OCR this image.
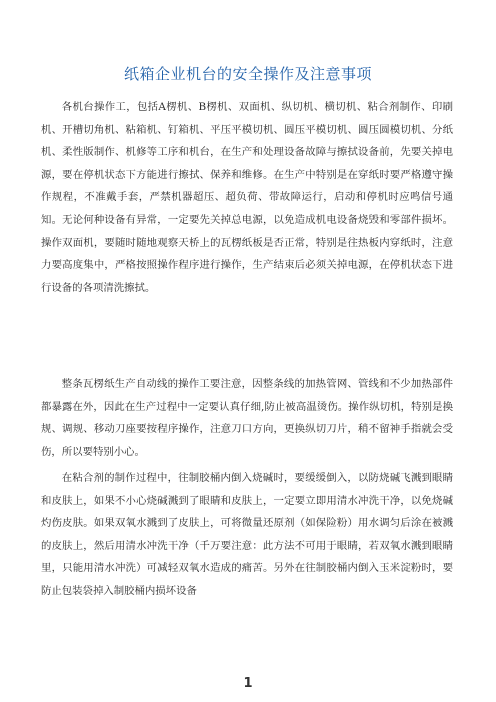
纸箱企业机台的安全操作及注意事项

各机台操作工，包括A楞机、B楞机、双面机、纵切机、横切机、粘合剂制作、印刷机、开槽切角机、粘箱机、钉箱机、平压平模切机、圆压平模切机、圆压圆模切机、分纸机、柔性版制作、机修等工序和机台，在生产和处理设备故障与擦拭设备前，先要关掉电源，要在停机状态下方能进行擦拭、保养和维修。在生产中特别是在穿纸时要严格遵守操作规程，不准戴手套，严禁机器超压、超负荷、带故障运行，启动和停机时应鸣信号通知。无论何种设备有异常，一定要先关掉总电源，以免造成机电设备烧毁和零部件损坏。操作双面机，要随时随地观察天桥上的瓦楞纸板是否正常，特别是往热板内穿纸时，注意力要高度集中，严格按照操作程序进行操作，生产结束后必须关掉电源，在停机状态下进行设备的各项清洗擦拭。

整条瓦楞纸生产自动线的操作工要注意，因整条线的加热管网、管线和不少加热部件都暴露在外，因此在生产过程中一定要认真仔细,防止被高温烫伤。操作纵切机，特别是换规、调规、移动刀座要按程序操作，注意刀口方向，更换纵切刀片，稍不留神手指就会受伤，所以要特别小心。

在粘合剂的制作过程中，往制胶桶内倒入烧碱时，要缓缓倒入，以防烧碱飞溅到眼睛和皮肤上，如果不小心烧碱溅到了眼睛和皮肤上，一定要立即用清水冲洗干净，以免烧碱灼伤皮肤。如果双氧水溅到了皮肤上，可将微量还原剂（如保险粉）用水调匀后涂在被溅的皮肤上，然后用清水冲洗干净（千万要注意：此方法不可用于眼睛，若双氧水溅到眼睛里，只能用清水冲洗）可减轻双氧水造成的痛苦。另外在往制胶桶内倒入玉米淀粉时，要防止包装袋掉入制胶桶内损坏设备

1
